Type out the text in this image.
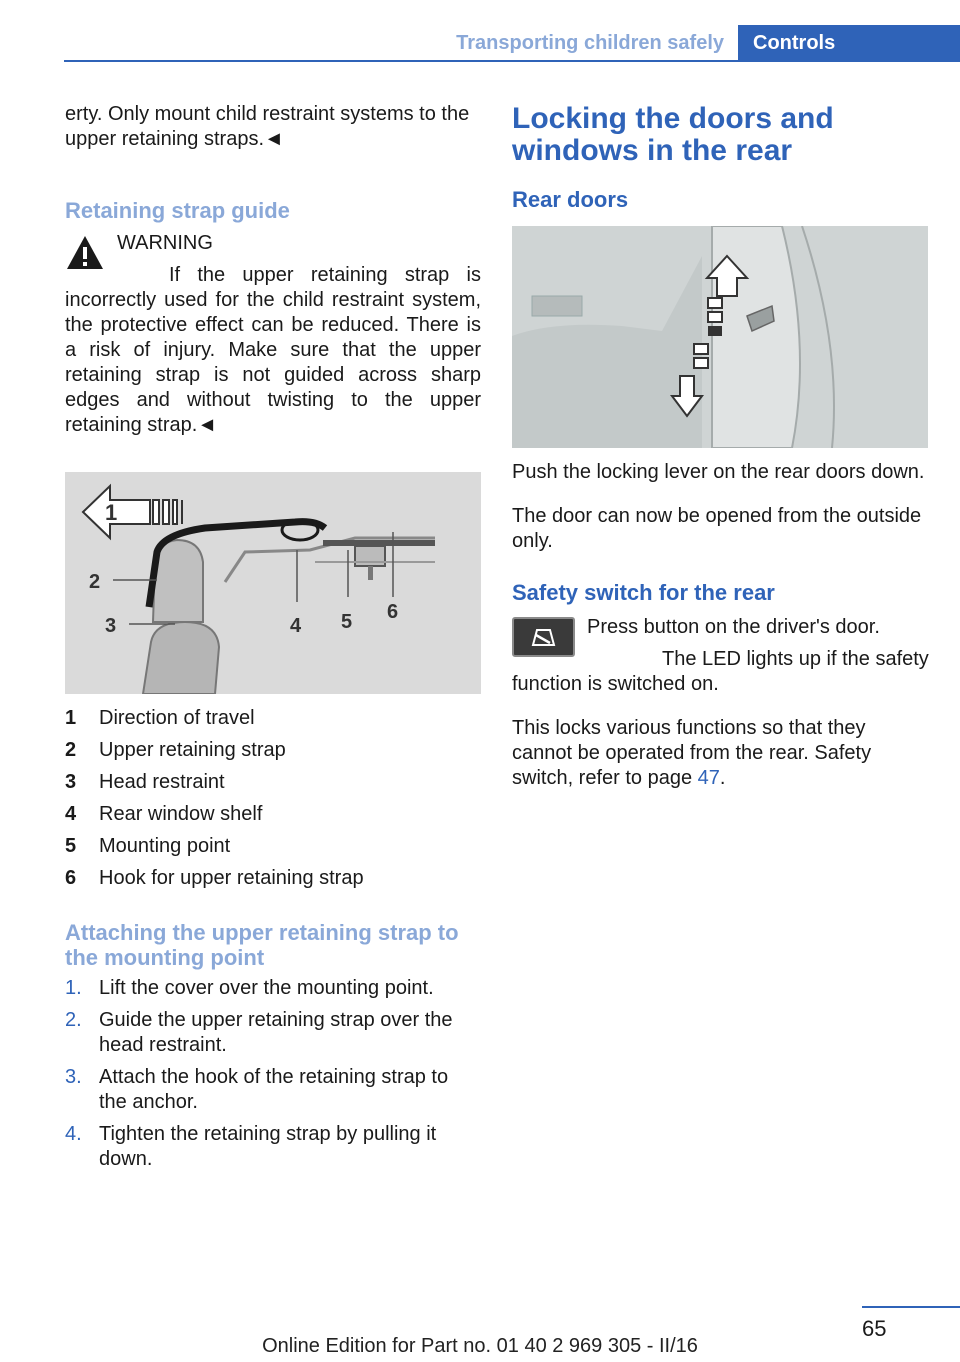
Transporting children safely	Controls

erty. Only mount child restraint systems to the upper retaining straps.◄

Retaining strap guide

WARNING

If the upper retaining strap is incorrectly used for the child restraint system, the protective effect can be reduced. There is a risk of injury. Make sure that the upper retaining strap is not guided across sharp edges and without twisting to the upper retaining strap.◄

1
2
3	4 5 6
1	Direction of travel
2	Upper retaining strap
3	Head restraint
4	Rear window shelf
5	Mounting point
6	Hook for upper retaining strap
Attaching the upper retaining strap to the mounting point
1. Lift the cover over the mounting point.
2. Guide the upper retaining strap over the head restraint.
3. Attach the hook of the retaining strap to the anchor.
4. Tighten the retaining strap by pulling it down.
Locking the doors and windows in the rear
Rear doors

Push the locking lever on the rear doors down.

The door can now be opened from the outside only.

Safety switch for the rear

Press button on the driver's door.

The LED lights up if the safety function is switched on.

This locks various functions so that they cannot be operated from the rear. Safety switch, refer to page 47.

65
Online Edition for Part no. 01 40 2 969 305 - II/16
